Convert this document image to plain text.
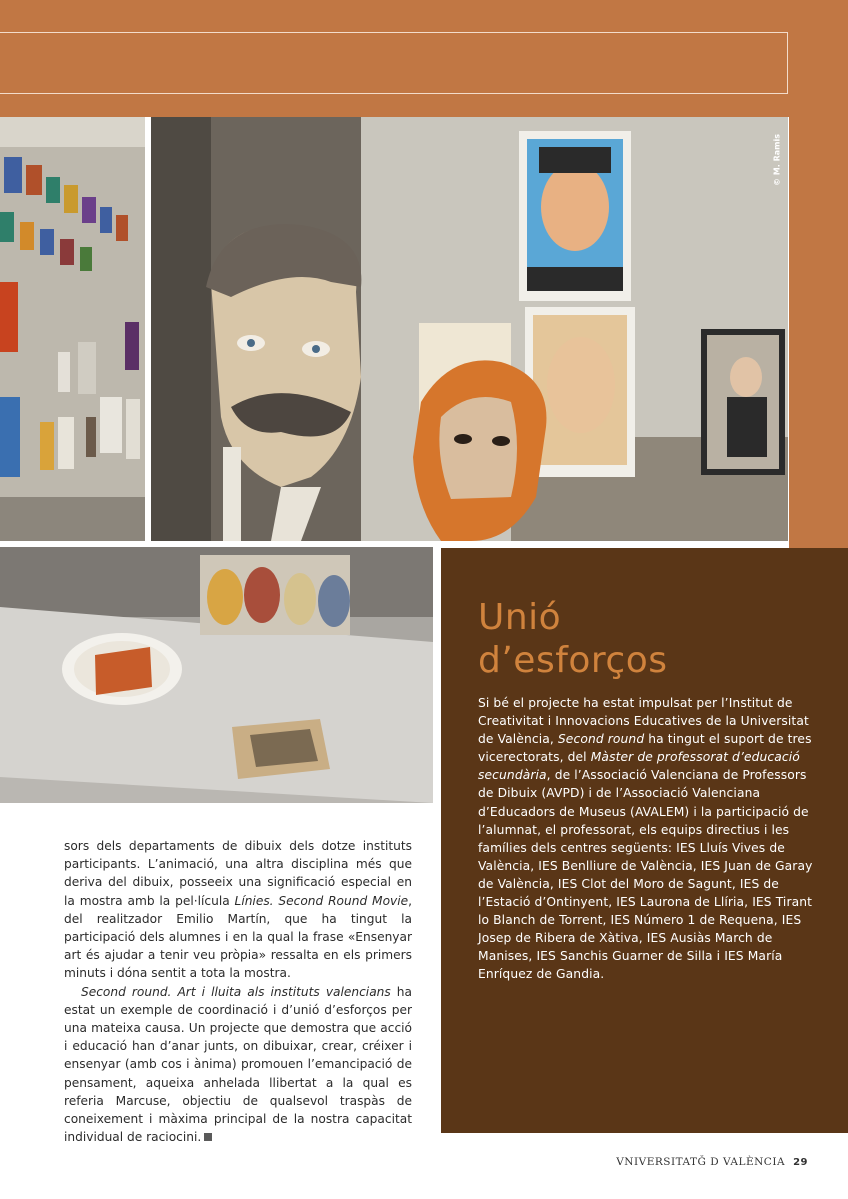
© M. Ramis
Unió
d’esforços
Si bé el projecte ha estat impulsat per l’Institut de Creativitat i Innovacions Educatives de la Universitat de València, Second round ha tingut el suport de tres vicerectorats, del Màster de professorat d’educació secundària, de l’Associació Valenciana de Professors de Dibuix (AVPD) i de l’Associació Valenciana d’Educadors de Museus (AVALEM) i la participació de l’alumnat, el professorat, els equips directius i les famílies dels centres següents: IES Lluís Vives de València, IES Benlliure de València, IES Juan de Garay de València, IES Clot del Moro de Sagunt, IES de l’Estació d’Ontinyent, IES Laurona de Llíria, IES Tirant lo Blanch de Torrent, IES Número 1 de Requena, IES Josep de Ribera de Xàtiva, IES Ausiàs March de Manises, IES Sanchis Guarner de Silla i IES María Enríquez de Gandia.

sors dels departaments de dibuix dels dotze instituts participants. L’animació, una altra disciplina més que deriva del dibuix, posseeix una significació especial en la mostra amb la pel·lícula Línies. Second Round Movie, del realitzador Emilio Martín, que ha tingut la participació dels alumnes i en la qual la frase «Ensenyar art és ajudar a tenir veu pròpia» ressalta en els primers minuts i dóna sentit a tota la mostra.

Second round. Art i lluita als instituts valencians ha estat un exemple de coordinació i d’unió d’esforços per una mateixa causa. Un projecte que demostra que acció i educació han d’anar junts, on dibuixar, crear, créixer i ensenyar (amb cos i ànima) promouen l’emancipació de pensament, aqueixa anhelada llibertat a la qual es referia Marcuse, objectiu de qualsevol traspàs de coneixement i màxima principal de la nostra capacitat individual de raciocini.

VNIVERSITATǦ D VALÈNCIA 29
